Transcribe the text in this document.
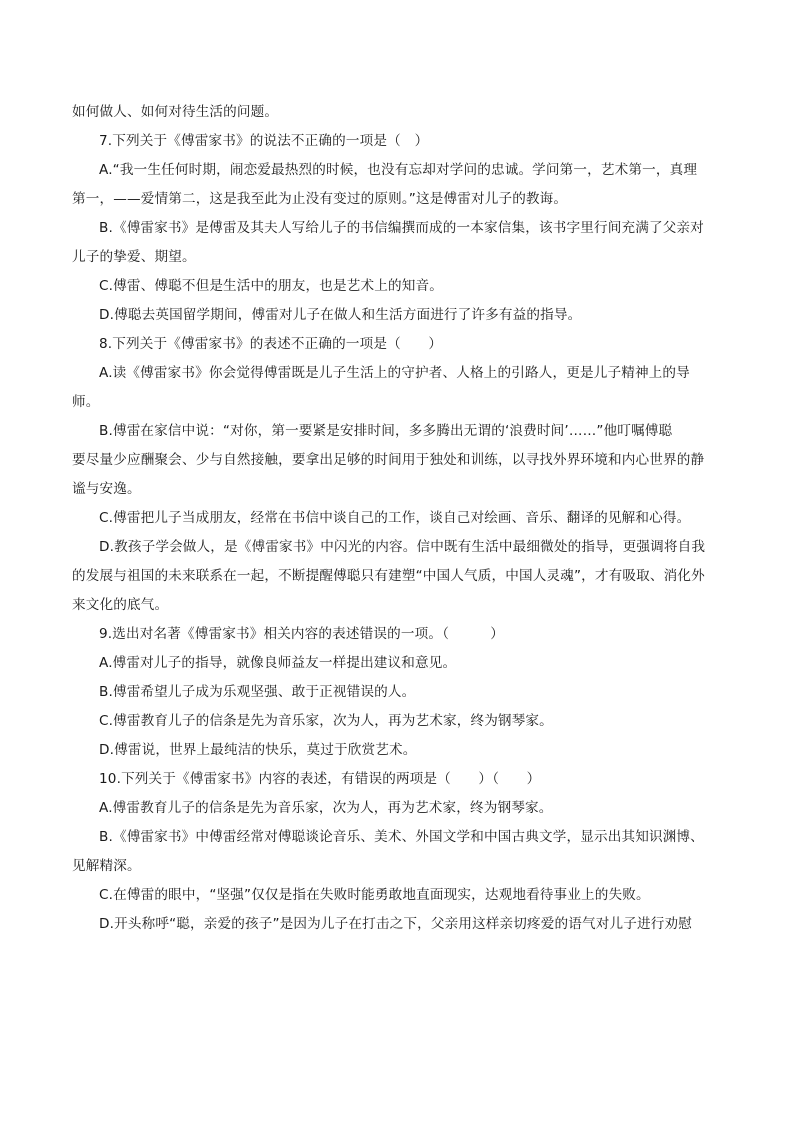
如何做人、如何对待生活的问题。
7.下列关于《傅雷家书》的说法不正确的一项是（　）
A.“我一生任何时期，闹恋爱最热烈的时候，也没有忘却对学问的忠诚。学问第一，艺术第一，真理
第一，——爱情第二，这是我至此为止没有变过的原则。”这是傅雷对儿子的教诲。
B.《傅雷家书》是傅雷及其夫人写给儿子的书信编撰而成的一本家信集，该书字里行间充满了父亲对
儿子的挚爱、期望。
C.傅雷、傅聪不但是生活中的朋友，也是艺术上的知音。
D.傅聪去英国留学期间，傅雷对儿子在做人和生活方面进行了许多有益的指导。
8.下列关于《傅雷家书》的表述不正确的一项是（　　）
A.读《傅雷家书》你会觉得傅雷既是儿子生活上的守护者、人格上的引路人，更是儿子精神上的导
师。
B.傅雷在家信中说：“对你，第一要紧是安排时间，多多腾出无谓的‘浪费时间’……”他叮嘱傅聪
要尽量少应酬聚会、少与自然接触，要拿出足够的时间用于独处和训练，以寻找外界环境和内心世界的静
谧与安逸。
C.傅雷把儿子当成朋友，经常在书信中谈自己的工作，谈自己对绘画、音乐、翻译的见解和心得。
D.教孩子学会做人，是《傅雷家书》中闪光的内容。信中既有生活中最细微处的指导，更强调将自我
的发展与祖国的未来联系在一起，不断提醒傅聪只有建塑“中国人气质，中国人灵魂”，才有吸取、消化外
来文化的底气。
9.选出对名著《傅雷家书》相关内容的表述错误的一项。（　　　）
A.傅雷对儿子的指导，就像良师益友一样提出建议和意见。
B.傅雷希望儿子成为乐观坚强、敢于正视错误的人。
C.傅雷教育儿子的信条是先为音乐家，次为人，再为艺术家，终为钢琴家。
D.傅雷说，世界上最纯洁的快乐，莫过于欣赏艺术。
10.下列关于《傅雷家书》内容的表述，有错误的两项是（　　）（　　）
A.傅雷教育儿子的信条是先为音乐家，次为人，再为艺术家，终为钢琴家。
B.《傅雷家书》中傅雷经常对傅聪谈论音乐、美术、外国文学和中国古典文学，显示出其知识渊博、
见解精深。
C.在傅雷的眼中，“坚强”仅仅是指在失败时能勇敢地直面现实，达观地看待事业上的失败。
D.开头称呼“聪，亲爱的孩子”是因为儿子在打击之下，父亲用这样亲切疼爱的语气对儿子进行劝慰
